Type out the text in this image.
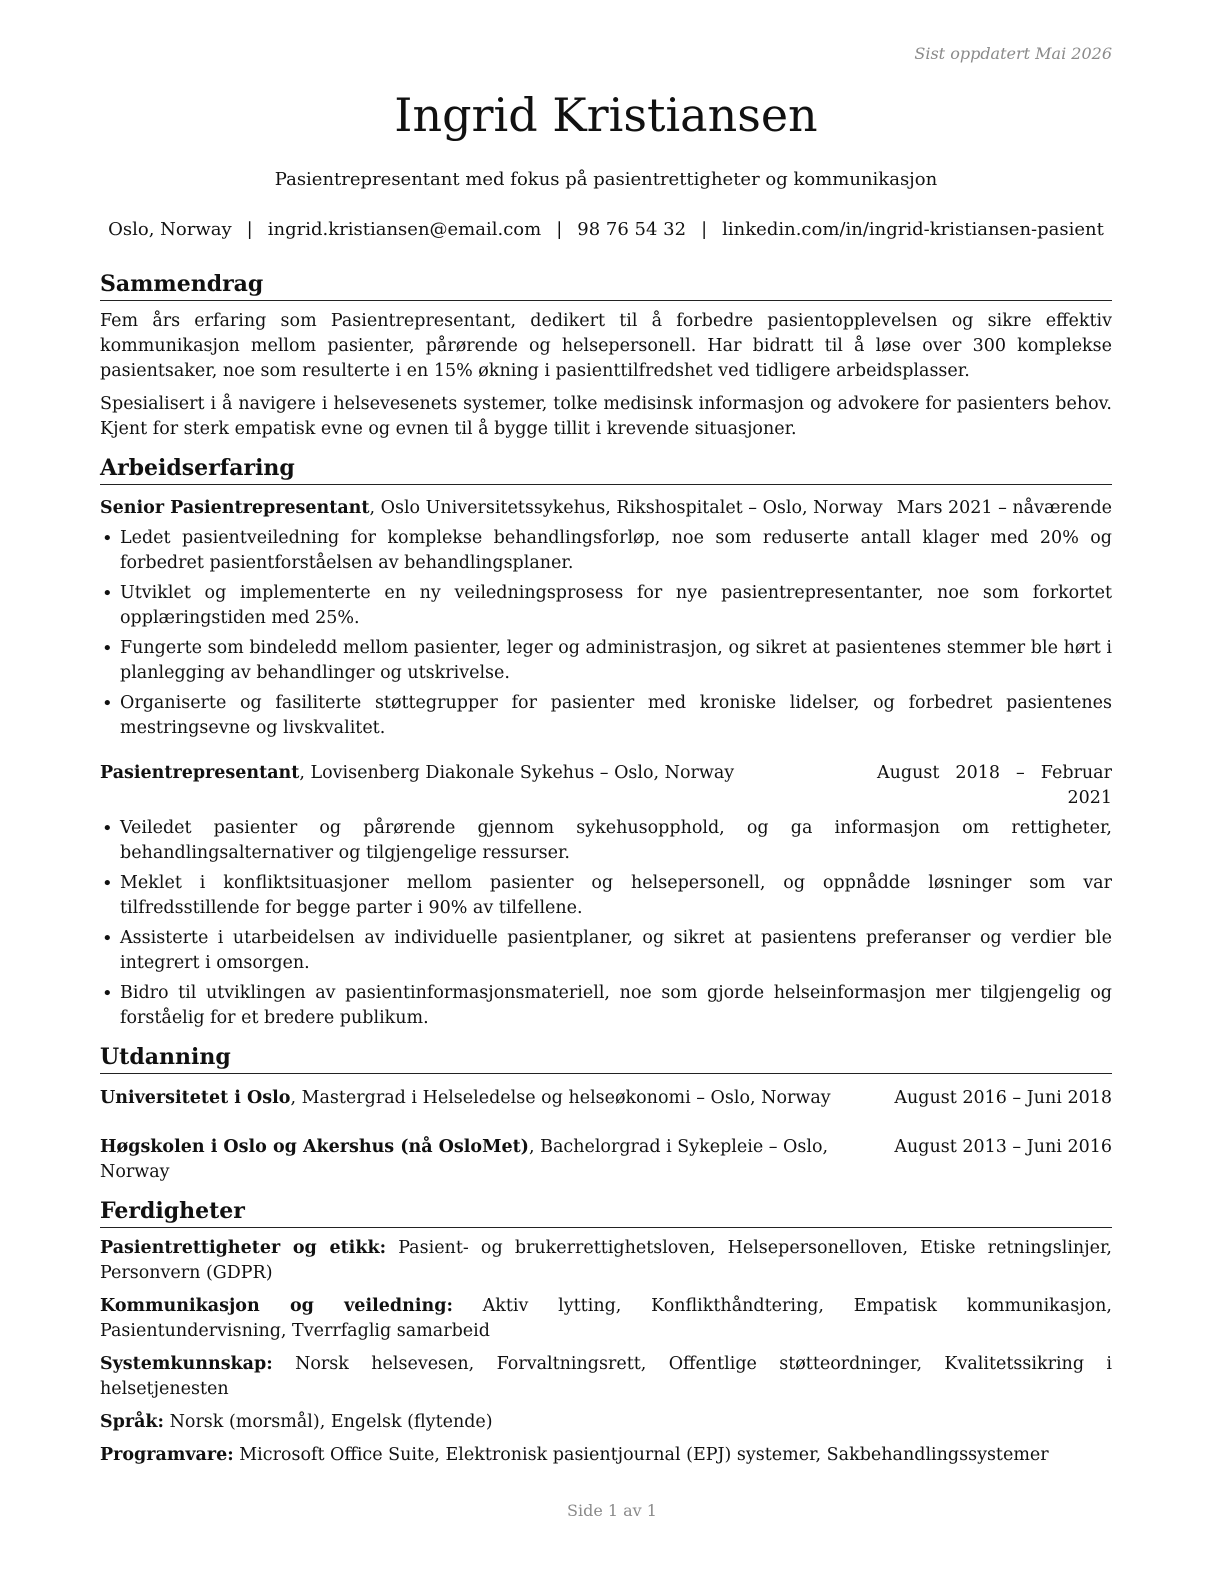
Sist oppdatert Mai 2026
Ingrid Kristiansen

Pasientrepresentant med fokus på pasientrettigheter og kommunikasjon

Oslo, Norway | ingrid.kristiansen@email.com | 98 76 54 32 | linkedin.com/in/ingrid-kristiansen-pasient
Sammendrag

Fem års erfaring som Pasientrepresentant, dedikert til å forbedre pasientopplevelsen og sikre effektiv kommunikasjon mellom pasienter, pårørende og helsepersonell. Har bidratt til å løse over 300 komplekse pasientsaker, noe som resulterte i en 15% økning i pasienttilfredshet ved tidligere arbeidsplasser.

Spesialisert i å navigere i helsevesenets systemer, tolke medisinsk informasjon og advokere for pasienters behov. Kjent for sterk empatisk evne og evnen til å bygge tillit i krevende situasjoner.

Arbeidserfaring
Senior Pasientrepresentant, Oslo Universitetssykehus, Rikshospitalet – Oslo, Norway Mars 2021 – nåværende
• Ledet pasientveiledning for komplekse behandlingsforløp, noe som reduserte antall klager med 20% og forbedret pasientforståelsen av behandlingsplaner.
• Utviklet og implementerte en ny veiledningsprosess for nye pasientrepresentanter, noe som forkortet opplæringstiden med 25%.
• Fungerte som bindeledd mellom pasienter, leger og administrasjon, og sikret at pasientenes stemmer ble hørt i planlegging av behandlinger og utskrivelse.
• Organiserte og fasiliterte støttegrupper for pasienter med kroniske lidelser, og forbedret pasientenes mestringsevne og livskvalitet.
Pasientrepresentant, Lovisenberg Diakonale Sykehus – Oslo, Norway	August 2018 – Februar 2021
• Veiledet pasienter og pårørende gjennom sykehusopphold, og ga informasjon om rettigheter, behandlingsalternativer og tilgjengelige ressurser.
• Meklet i konfliktsituasjoner mellom pasienter og helsepersonell, og oppnådde løsninger som var tilfredsstillende for begge parter i 90% av tilfellene.
• Assisterte i utarbeidelsen av individuelle pasientplaner, og sikret at pasientens preferanser og verdier ble integrert i omsorgen.
• Bidro til utviklingen av pasientinformasjonsmateriell, noe som gjorde helseinformasjon mer tilgjengelig og forståelig for et bredere publikum.
Utdanning
Universitetet i Oslo, Mastergrad i Helseledelse og helseøkonomi – Oslo, Norway	August 2016 – Juni 2018
Høgskolen i Oslo og Akershus (nå OsloMet), Bachelorgrad i Sykepleie – Oslo, Norway
August 2013 – Juni 2016
Ferdigheter

Pasientrettigheter og etikk: Pasient- og brukerrettighetsloven, Helsepersonelloven, Etiske retningslinjer, Personvern (GDPR)

Kommunikasjon og veiledning: Aktiv lytting, Konflikthåndtering, Empatisk kommunikasjon, Pasientundervisning, Tverrfaglig samarbeid

Systemkunnskap: Norsk helsevesen, Forvaltningsrett, Offentlige støtteordninger, Kvalitetssikring i helsetjenesten

Språk: Norsk (morsmål), Engelsk (flytende)

Programvare: Microsoft Office Suite, Elektronisk pasientjournal (EPJ) systemer, Sakbehandlingssystemer

Side 1 av 1
